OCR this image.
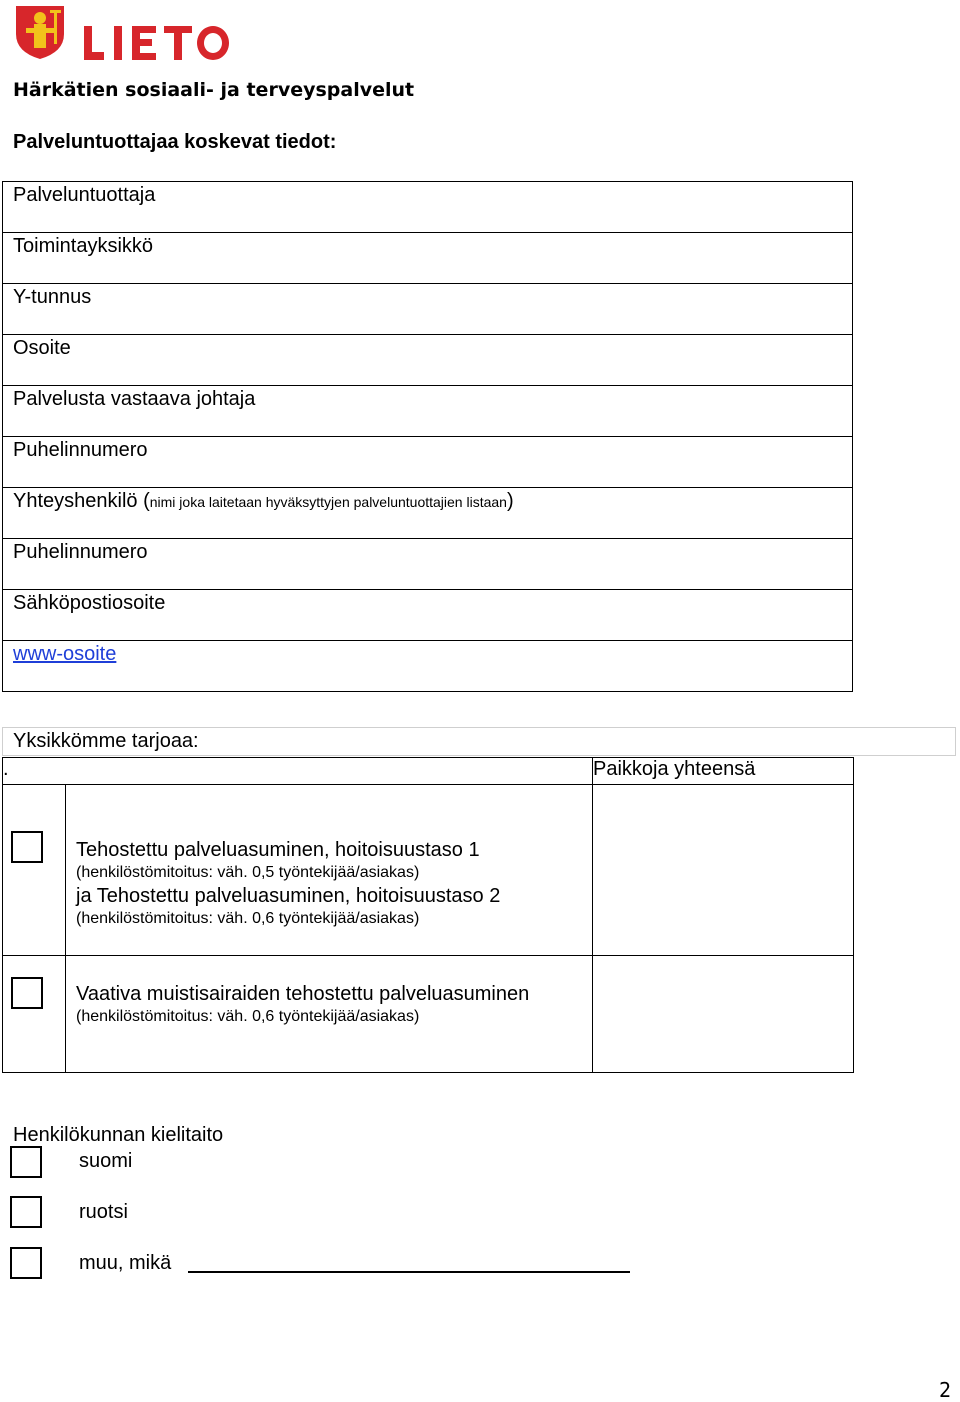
Härkätien sosiaali- ja terveyspalvelut
Palveluntuottajaa koskevat tiedot:
Palveluntuottaja
Toimintayksikkö
Y-tunnus
Osoite
Palvelusta vastaava johtaja
Puhelinnumero
Yhteyshenkilö (nimi joka laitetaan hyväksyttyjen palveluntuottajien listaan)
Puhelinnumero
Sähköpostiosoite
www-osoite
Yksikkömme tarjoaa:
.		Paikkoja yhteensä

	Tehostettu palveluasuminen, hoitoisuustaso 1
(henkilöstömitoitus: väh. 0,5 työntekijää/asiakas)
ja Tehostettu palveluasuminen, hoitoisuustaso 2
(henkilöstömitoitus: väh. 0,6 työntekijää/asiakas)	

	Vaativa muistisairaiden tehostettu palveluasuminen
(henkilöstömitoitus: väh. 0,6 työntekijää/asiakas)	

Henkilökunnan kielitaito
suomi
ruotsi
muu, mikä
2
